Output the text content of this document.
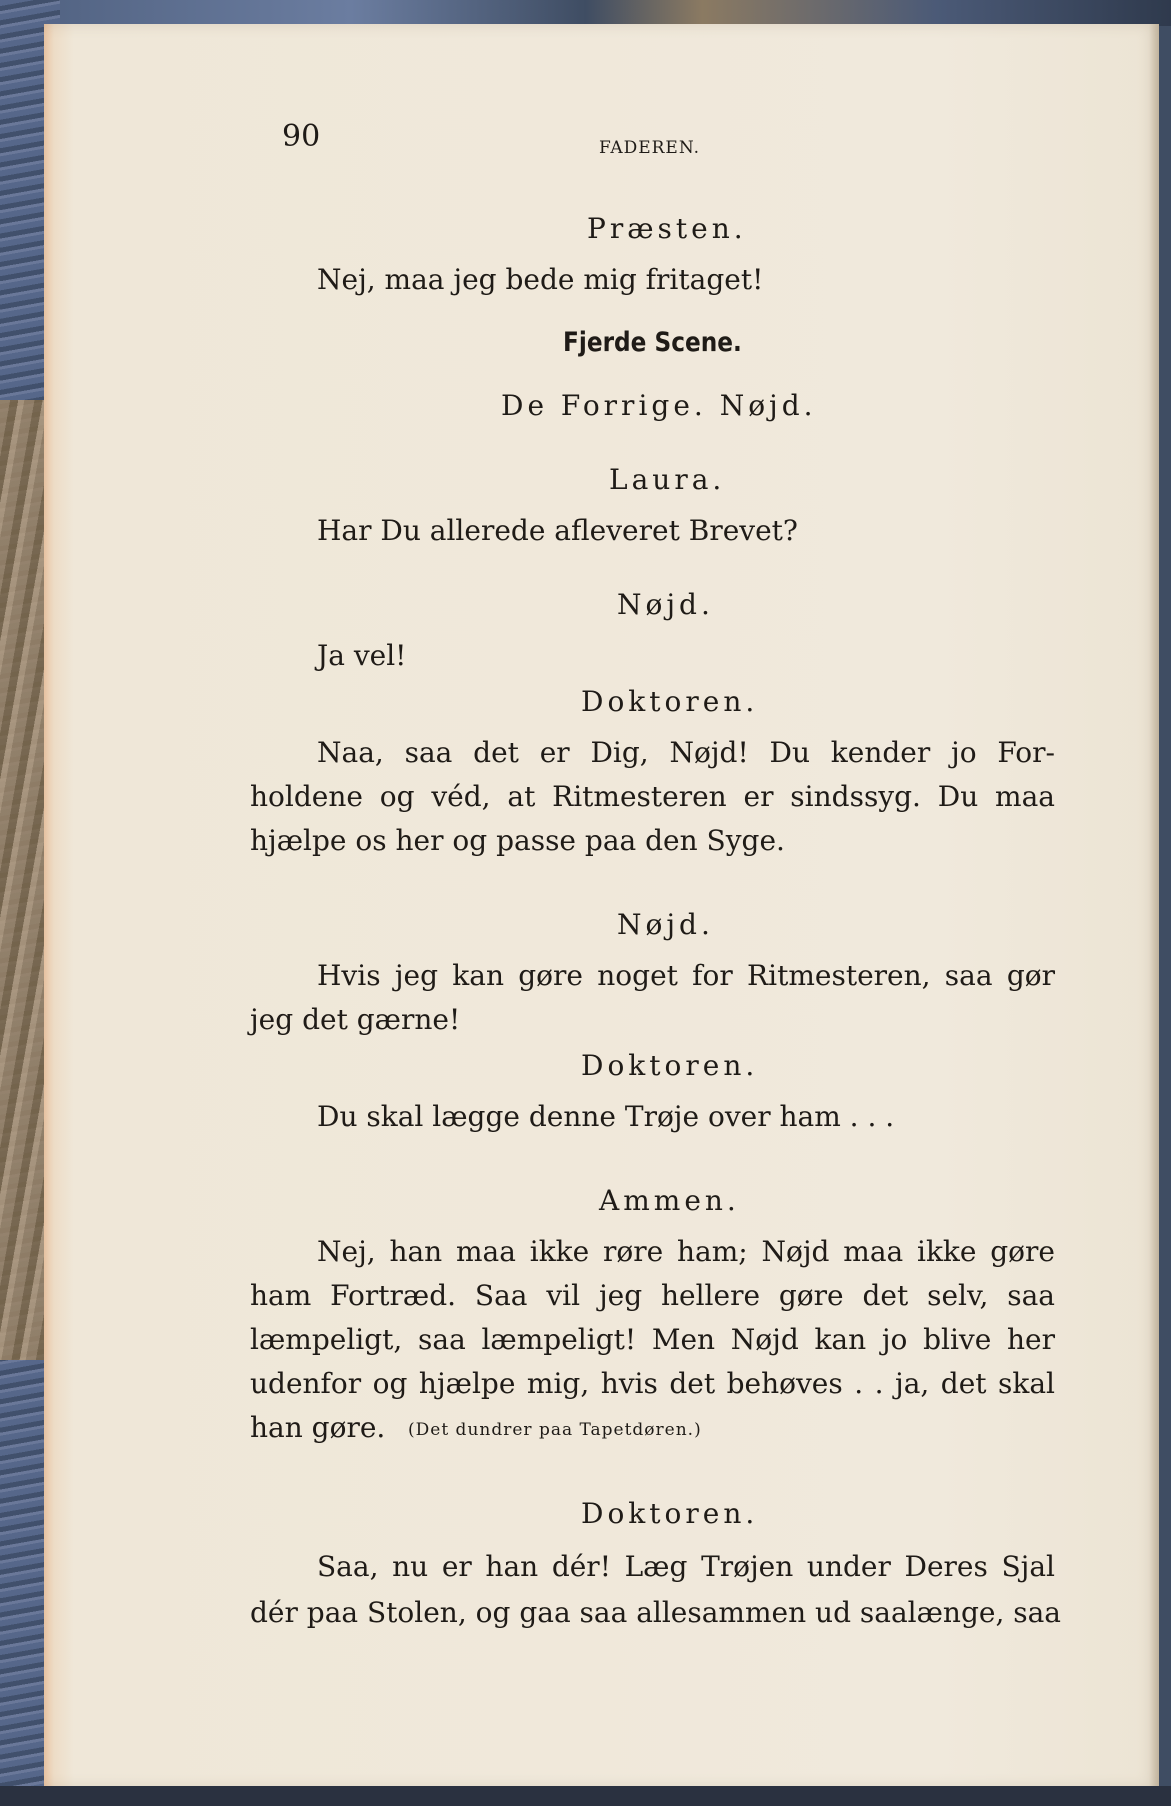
90	FADEREN.
Præsten.
Nej, maa jeg bede mig fritaget!
Fjerde Scene.
De Forrige. Nøjd.
Laura.
Har Du allerede afleveret Brevet?
Nøjd.
Ja vel!
Doktoren.
Naa, saa det er Dig, Nøjd! Du kender jo For-
holdene og véd, at Ritmesteren er sindssyg. Du maa
hjælpe os her og passe paa den Syge.
Nøjd.
Hvis jeg kan gøre noget for Ritmesteren, saa gør
jeg det gærne!
Doktoren.
Du skal lægge denne Trøje over ham . . .
Ammen.
Nej, han maa ikke røre ham; Nøjd maa ikke gøre
ham Fortræd. Saa vil jeg hellere gøre det selv, saa
læmpeligt, saa læmpeligt! Men Nøjd kan jo blive her
udenfor og hjælpe mig, hvis det behøves . . ja, det skal
han gøre. (Det dundrer paa Tapetdøren.)
Doktoren.
Saa, nu er han dér! Læg Trøjen under Deres Sjal
dér paa Stolen, og gaa saa allesammen ud saalænge, saa
